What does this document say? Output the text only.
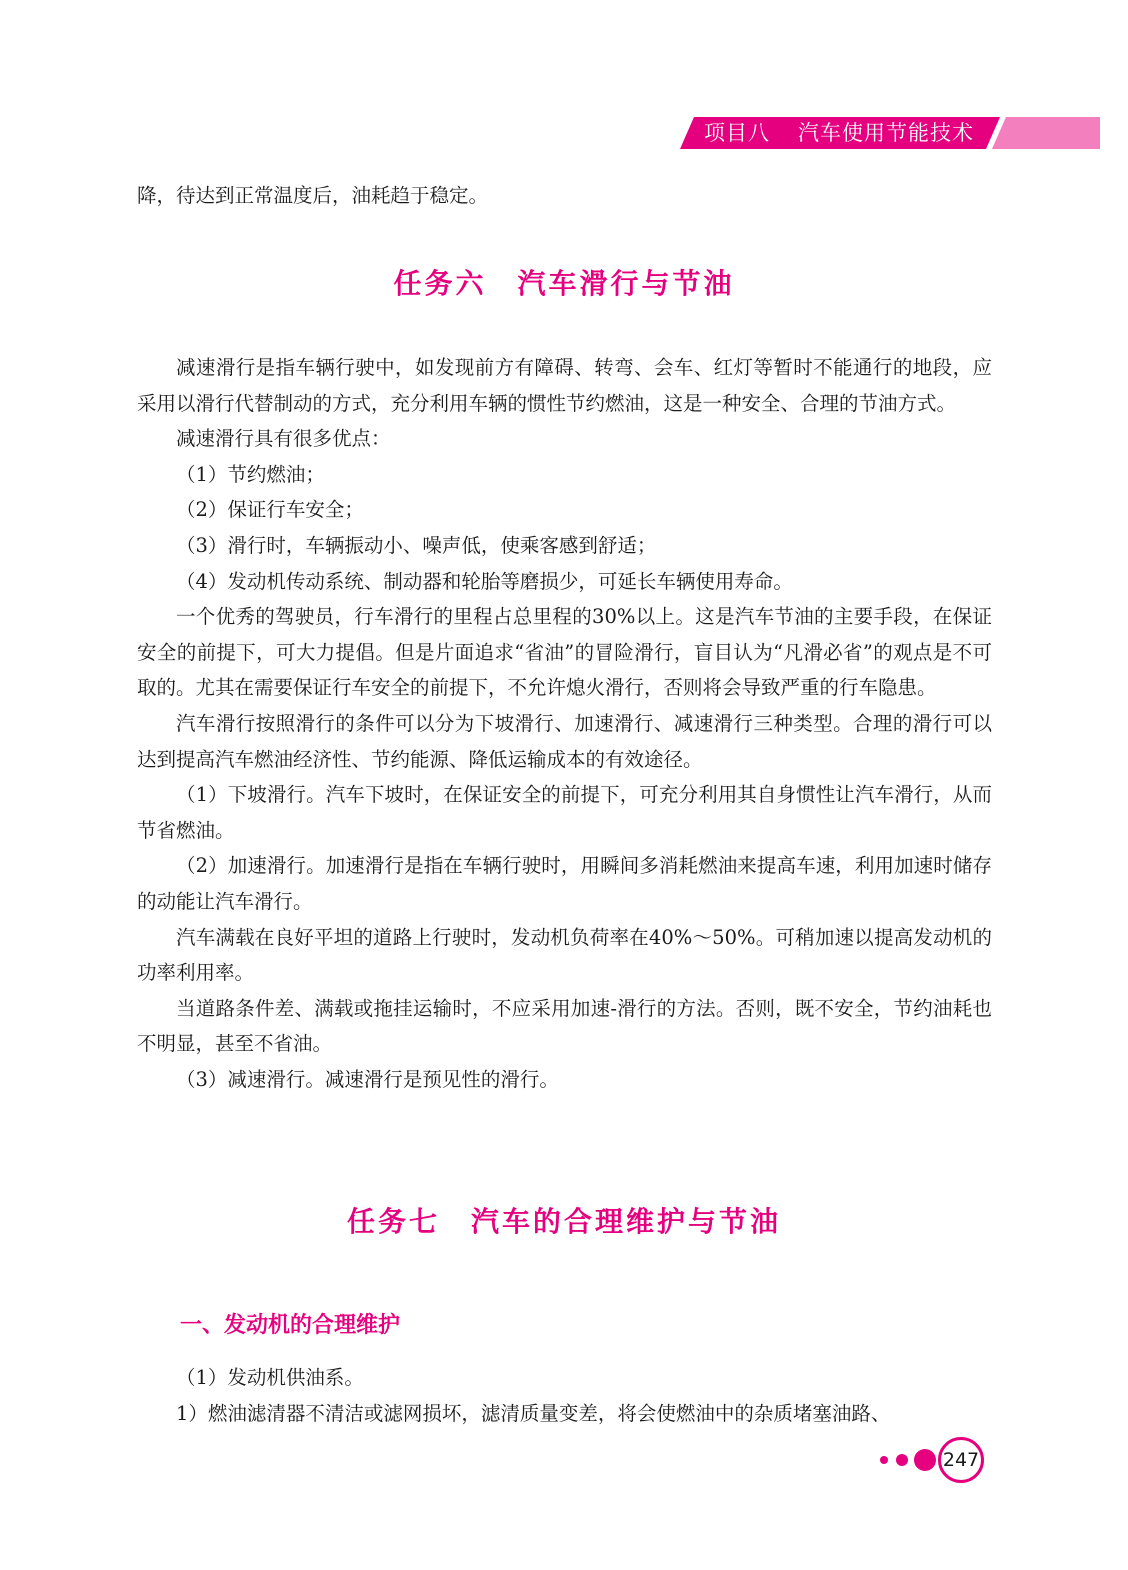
项目八 汽车使用节能技术

降，待达到正常温度后，油耗趋于稳定。

任务六　汽车滑行与节油

减速滑行是指车辆行驶中，如发现前方有障碍、转弯、会车、红灯等暂时不能通行的地段，应采用以滑行代替制动的方式，充分利用车辆的惯性节约燃油，这是一种安全、合理的节油方式。

减速滑行具有很多优点：

（1）节约燃油；

（2）保证行车安全；

（3）滑行时，车辆振动小、噪声低，使乘客感到舒适；

（4）发动机传动系统、制动器和轮胎等磨损少，可延长车辆使用寿命。

一个优秀的驾驶员，行车滑行的里程占总里程的30%以上。这是汽车节油的主要手段，在保证安全的前提下，可大力提倡。但是片面追求“省油”的冒险滑行，盲目认为“凡滑必省”的观点是不可取的。尤其在需要保证行车安全的前提下，不允许熄火滑行，否则将会导致严重的行车隐患。

汽车滑行按照滑行的条件可以分为下坡滑行、加速滑行、减速滑行三种类型。合理的滑行可以达到提高汽车燃油经济性、节约能源、降低运输成本的有效途径。

（1）下坡滑行。汽车下坡时，在保证安全的前提下，可充分利用其自身惯性让汽车滑行，从而节省燃油。

（2）加速滑行。加速滑行是指在车辆行驶时，用瞬间多消耗燃油来提高车速，利用加速时储存的动能让汽车滑行。

汽车满载在良好平坦的道路上行驶时，发动机负荷率在40%～50%。可稍加速以提高发动机的功率利用率。

当道路条件差、满载或拖挂运输时，不应采用加速-滑行的方法。否则，既不安全，节约油耗也不明显，甚至不省油。

（3）减速滑行。减速滑行是预见性的滑行。

任务七　汽车的合理维护与节油
一、发动机的合理维护

（1）发动机供油系。

1）燃油滤清器不清洁或滤网损坏，滤清质量变差，将会使燃油中的杂质堵塞油路、

247
